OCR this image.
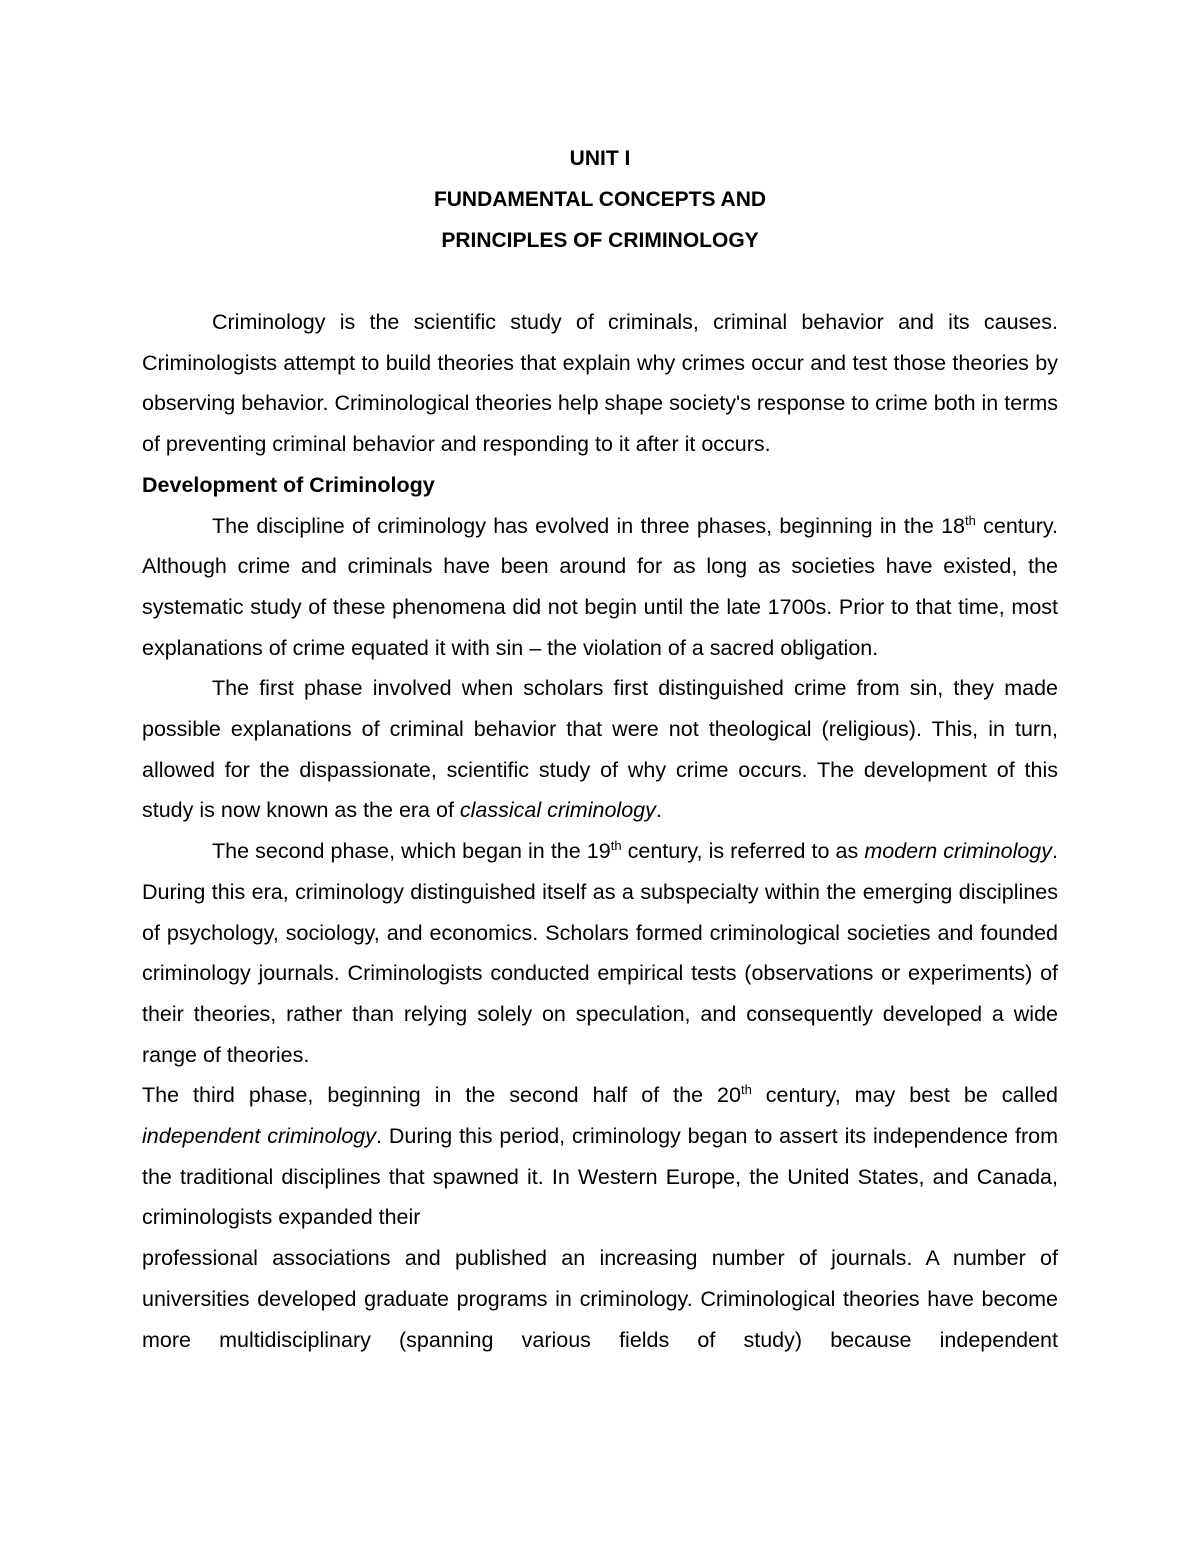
UNIT I
FUNDAMENTAL CONCEPTS AND
PRINCIPLES OF CRIMINOLOGY

Criminology is the scientific study of criminals, criminal behavior and its causes. Criminologists attempt to build theories that explain why crimes occur and test those theories by observing behavior. Criminological theories help shape society's response to crime both in terms of preventing criminal behavior and responding to it after it occurs.

Development of Criminology

The discipline of criminology has evolved in three phases, beginning in the 18th century. Although crime and criminals have been around for as long as societies have existed, the systematic study of these phenomena did not begin until the late 1700s. Prior to that time, most explanations of crime equated it with sin – the violation of a sacred obligation.

The first phase involved when scholars first distinguished crime from sin, they made possible explanations of criminal behavior that were not theological (religious). This, in turn, allowed for the dispassionate, scientific study of why crime occurs. The development of this study is now known as the era of classical criminology.

The second phase, which began in the 19th century, is referred to as modern criminology. During this era, criminology distinguished itself as a subspecialty within the emerging disciplines of psychology, sociology, and economics. Scholars formed criminological societies and founded criminology journals. Criminologists conducted empirical tests (observations or experiments) of their theories, rather than relying solely on speculation, and consequently developed a wide range of theories.

The third phase, beginning in the second half of the 20th century, may best be called independent criminology. During this period, criminology began to assert its independence from the traditional disciplines that spawned it. In Western Europe, the United States, and Canada, criminologists expanded their

professional associations and published an increasing number of journals. A number of universities developed graduate programs in criminology. Criminological theories have become more multidisciplinary (spanning various fields of study) because independent
